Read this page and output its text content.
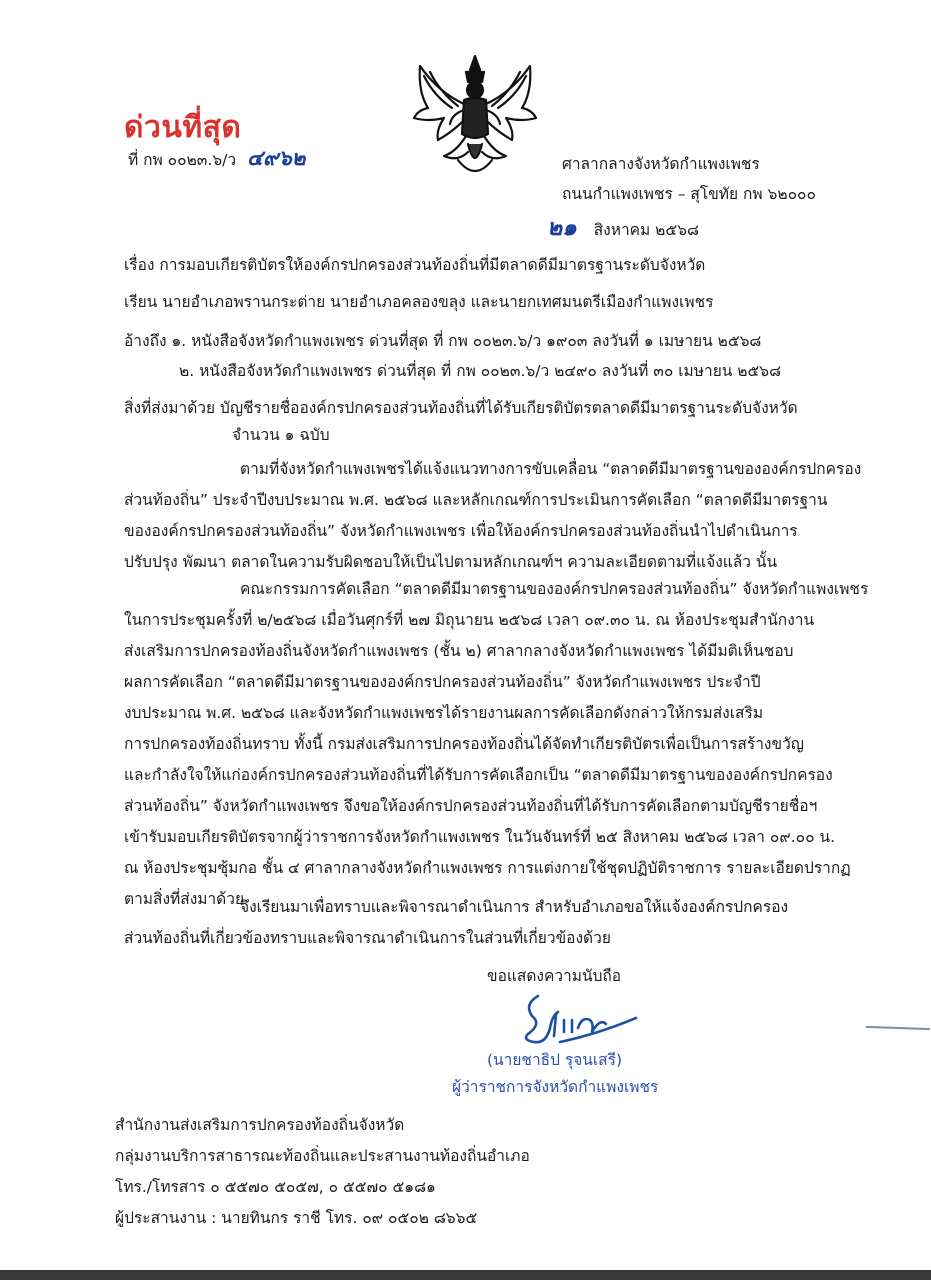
ด่วนที่สุด
ที่ กพ ๐๐๒๓.๖/ว ๔๙๖๒	ศาลากลางจังหวัดกำแพงเพชร
ถนนกำแพงเพชร – สุโขทัย กพ ๖๒๐๐๐
๒๑ สิงหาคม ๒๕๖๘
เรื่อง การมอบเกียรติบัตรให้องค์กรปกครองส่วนท้องถิ่นที่มีตลาดดีมีมาตรฐานระดับจังหวัด
เรียน นายอำเภอพรานกระต่าย นายอำเภอคลองขลุง และนายกเทศมนตรีเมืองกำแพงเพชร
อ้างถึง ๑. หนังสือจังหวัดกำแพงเพชร ด่วนที่สุด ที่ กพ ๐๐๒๓.๖/ว ๑๙๐๓ ลงวันที่ ๑ เมษายน ๒๕๖๘
๒. หนังสือจังหวัดกำแพงเพชร ด่วนที่สุด ที่ กพ ๐๐๒๓.๖/ว ๒๔๙๐ ลงวันที่ ๓๐ เมษายน ๒๕๖๘
สิ่งที่ส่งมาด้วย บัญชีรายชื่อองค์กรปกครองส่วนท้องถิ่นที่ได้รับเกียรติบัตรตลาดดีมีมาตรฐานระดับจังหวัด
จำนวน ๑ ฉบับ

ตามที่จังหวัดกำแพงเพชรได้แจ้งแนวทางการขับเคลื่อน “ตลาดดีมีมาตรฐานขององค์กรปกครอง

ส่วนท้องถิ่น” ประจำปีงบประมาณ พ.ศ. ๒๕๖๘ และหลักเกณฑ์การประเมินการคัดเลือก “ตลาดดีมีมาตรฐาน

ขององค์กรปกครองส่วนท้องถิ่น” จังหวัดกำแพงเพชร เพื่อให้องค์กรปกครองส่วนท้องถิ่นนำไปดำเนินการ

ปรับปรุง พัฒนา ตลาดในความรับผิดชอบให้เป็นไปตามหลักเกณฑ์ฯ ความละเอียดตามที่แจ้งแล้ว นั้น

คณะกรรมการคัดเลือก “ตลาดดีมีมาตรฐานขององค์กรปกครองส่วนท้องถิ่น” จังหวัดกำแพงเพชร

ในการประชุมครั้งที่ ๒/๒๕๖๘ เมื่อวันศุกร์ที่ ๒๗ มิถุนายน ๒๕๖๘ เวลา ๐๙.๓๐ น. ณ ห้องประชุมสำนักงาน

ส่งเสริมการปกครองท้องถิ่นจังหวัดกำแพงเพชร (ชั้น ๒) ศาลากลางจังหวัดกำแพงเพชร ได้มีมติเห็นชอบ

ผลการคัดเลือก “ตลาดดีมีมาตรฐานขององค์กรปกครองส่วนท้องถิ่น” จังหวัดกำแพงเพชร ประจำปี

งบประมาณ พ.ศ. ๒๕๖๘ และจังหวัดกำแพงเพชรได้รายงานผลการคัดเลือกดังกล่าวให้กรมส่งเสริม

การปกครองท้องถิ่นทราบ ทั้งนี้ กรมส่งเสริมการปกครองท้องถิ่นได้จัดทำเกียรติบัตรเพื่อเป็นการสร้างขวัญ

และกำลังใจให้แก่องค์กรปกครองส่วนท้องถิ่นที่ได้รับการคัดเลือกเป็น “ตลาดดีมีมาตรฐานขององค์กรปกครอง

ส่วนท้องถิ่น” จังหวัดกำแพงเพชร จึงขอให้องค์กรปกครองส่วนท้องถิ่นที่ได้รับการคัดเลือกตามบัญชีรายชื่อฯ

เข้ารับมอบเกียรติบัตรจากผู้ว่าราชการจังหวัดกำแพงเพชร ในวันจันทร์ที่ ๒๕ สิงหาคม ๒๕๖๘ เวลา ๐๙.๐๐ น.

ณ ห้องประชุมซุ้มกอ ชั้น ๔ ศาลากลางจังหวัดกำแพงเพชร การแต่งกายใช้ชุดปฏิบัติราชการ รายละเอียดปรากฏ

ตามสิ่งที่ส่งมาด้วย

จึงเรียนมาเพื่อทราบและพิจารณาดำเนินการ สำหรับอำเภอขอให้แจ้งองค์กรปกครอง

ส่วนท้องถิ่นที่เกี่ยวข้องทราบและพิจารณาดำเนินการในส่วนที่เกี่ยวข้องด้วย

ขอแสดงความนับถือ
(นายชาธิป รุจนเสรี)
ผู้ว่าราชการจังหวัดกำแพงเพชร

สำนักงานส่งเสริมการปกครองท้องถิ่นจังหวัด

กลุ่มงานบริการสาธารณะท้องถิ่นและประสานงานท้องถิ่นอำเภอ

โทร./โทรสาร ๐ ๕๕๗๐ ๕๐๕๗, ๐ ๕๕๗๐ ๕๑๘๑

ผู้ประสานงาน : นายทินกร ราชี โทร. ๐๙ ๐๕๐๒ ๘๖๖๕
